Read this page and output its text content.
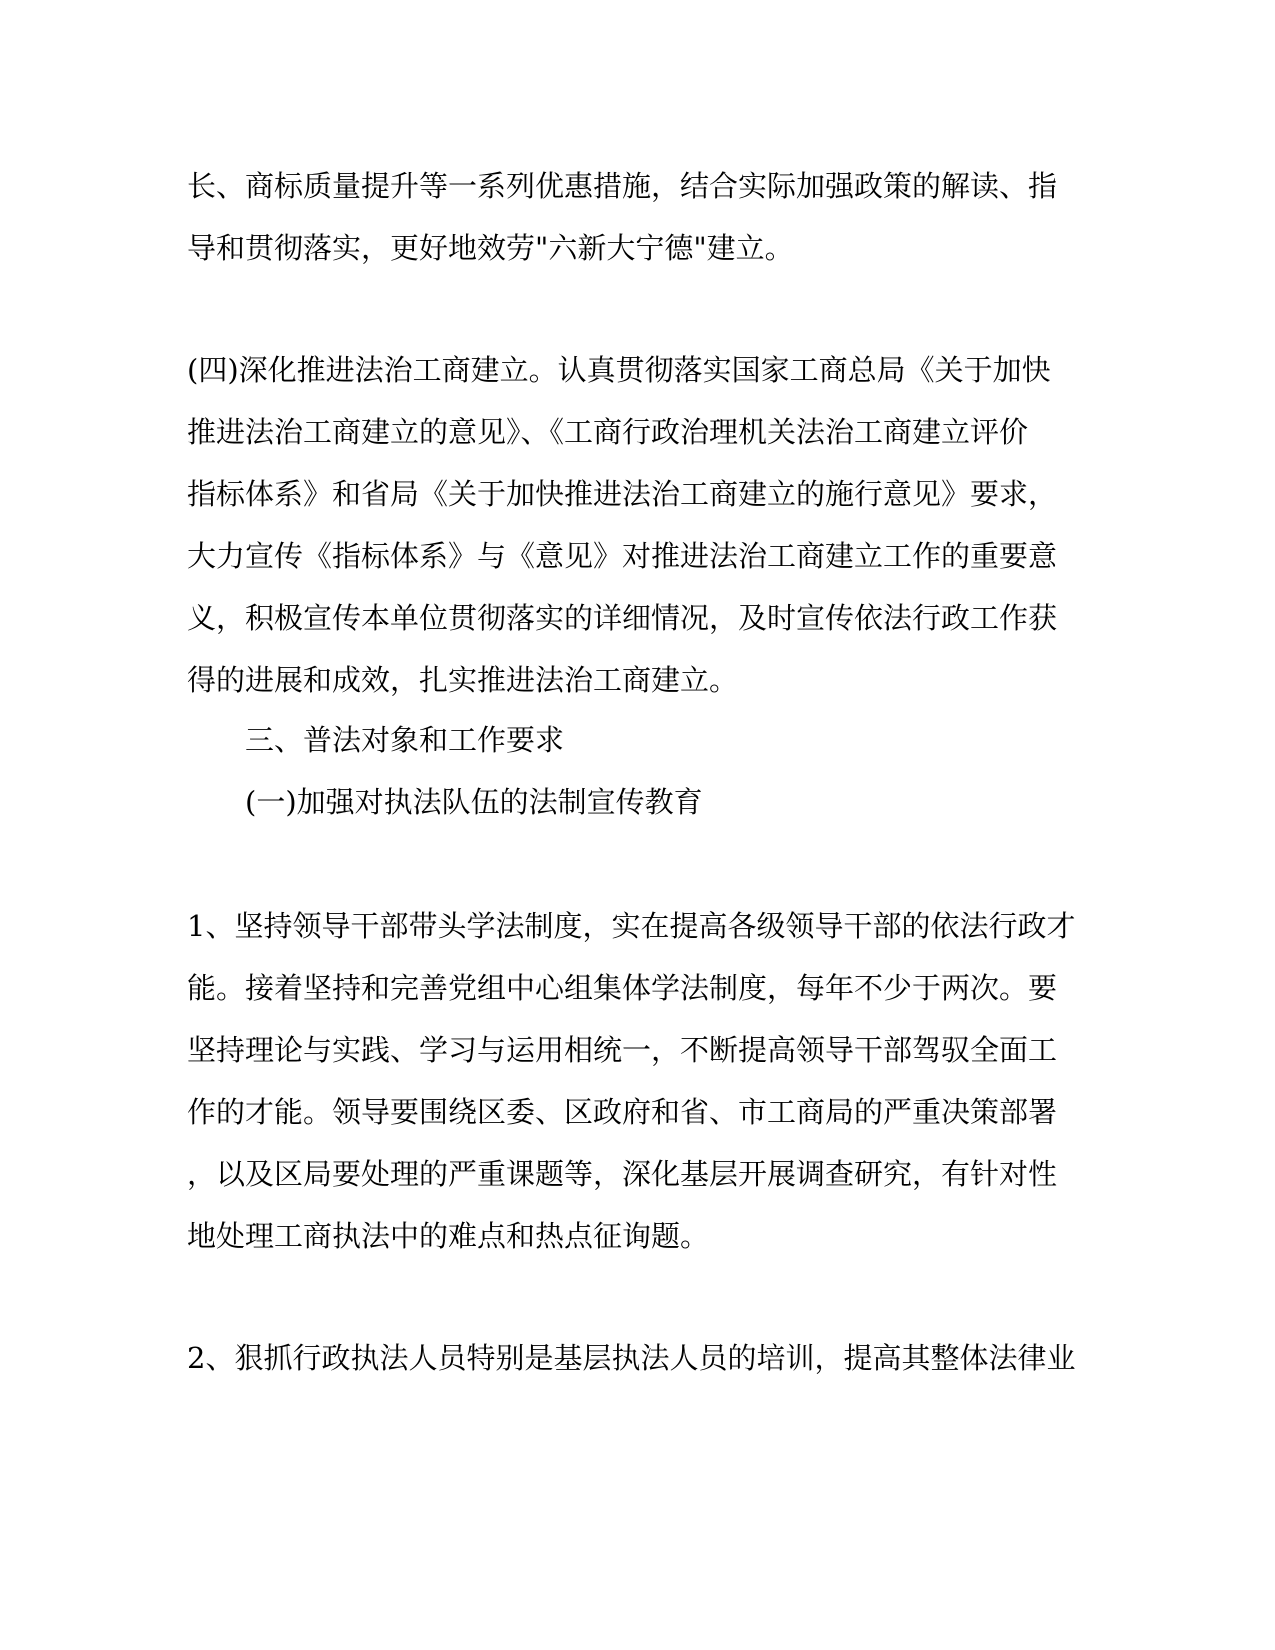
长、商标质量提升等一系列优惠措施，结合实际加强政策的解读、指
导和贯彻落实，更好地效劳"六新大宁德"建立。
(四)深化推进法治工商建立。认真贯彻落实国家工商总局《关于加快
推进法治工商建立的意见》、《工商行政治理机关法治工商建立评价
指标体系》和省局《关于加快推进法治工商建立的施行意见》要求，
大力宣传《指标体系》与《意见》对推进法治工商建立工作的重要意
义，积极宣传本单位贯彻落实的详细情况，及时宣传依法行政工作获
得的进展和成效，扎实推进法治工商建立。
三、普法对象和工作要求
(一)加强对执法队伍的法制宣传教育
1、坚持领导干部带头学法制度，实在提高各级领导干部的依法行政才
能。接着坚持和完善党组中心组集体学法制度，每年不少于两次。要
坚持理论与实践、学习与运用相统一，不断提高领导干部驾驭全面工
作的才能。领导要围绕区委、区政府和省、市工商局的严重决策部署
，以及区局要处理的严重课题等，深化基层开展调查研究，有针对性
地处理工商执法中的难点和热点征询题。
2、狠抓行政执法人员特别是基层执法人员的培训，提高其整体法律业
